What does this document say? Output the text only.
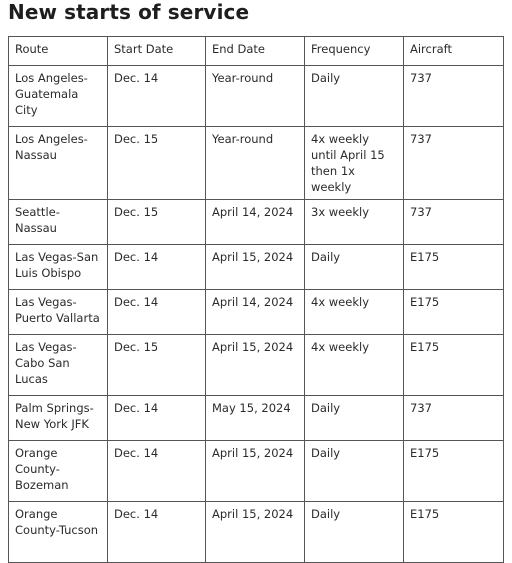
New starts of service
Route	Start Date	End Date	Frequency	Aircraft
Los Angeles-Guatemala City	Dec. 14	Year-round	Daily	737
Los Angeles-Nassau	Dec. 15	Year-round	4x weekly until April 15 then 1x weekly	737
Seattle-Nassau	Dec. 15	April 14, 2024	3x weekly	737
Las Vegas-San Luis Obispo	Dec. 14	April 15, 2024	Daily	E175
Las Vegas-Puerto Vallarta	Dec. 14	April 14, 2024	4x weekly	E175
Las Vegas-Cabo San Lucas	Dec. 15	April 15, 2024	4x weekly	E175
Palm Springs-New York JFK	Dec. 14	May 15, 2024	Daily	737
Orange County-Bozeman	Dec. 14	April 15, 2024	Daily	E175
Orange County-Tucson	Dec. 14	April 15, 2024	Daily	E175
